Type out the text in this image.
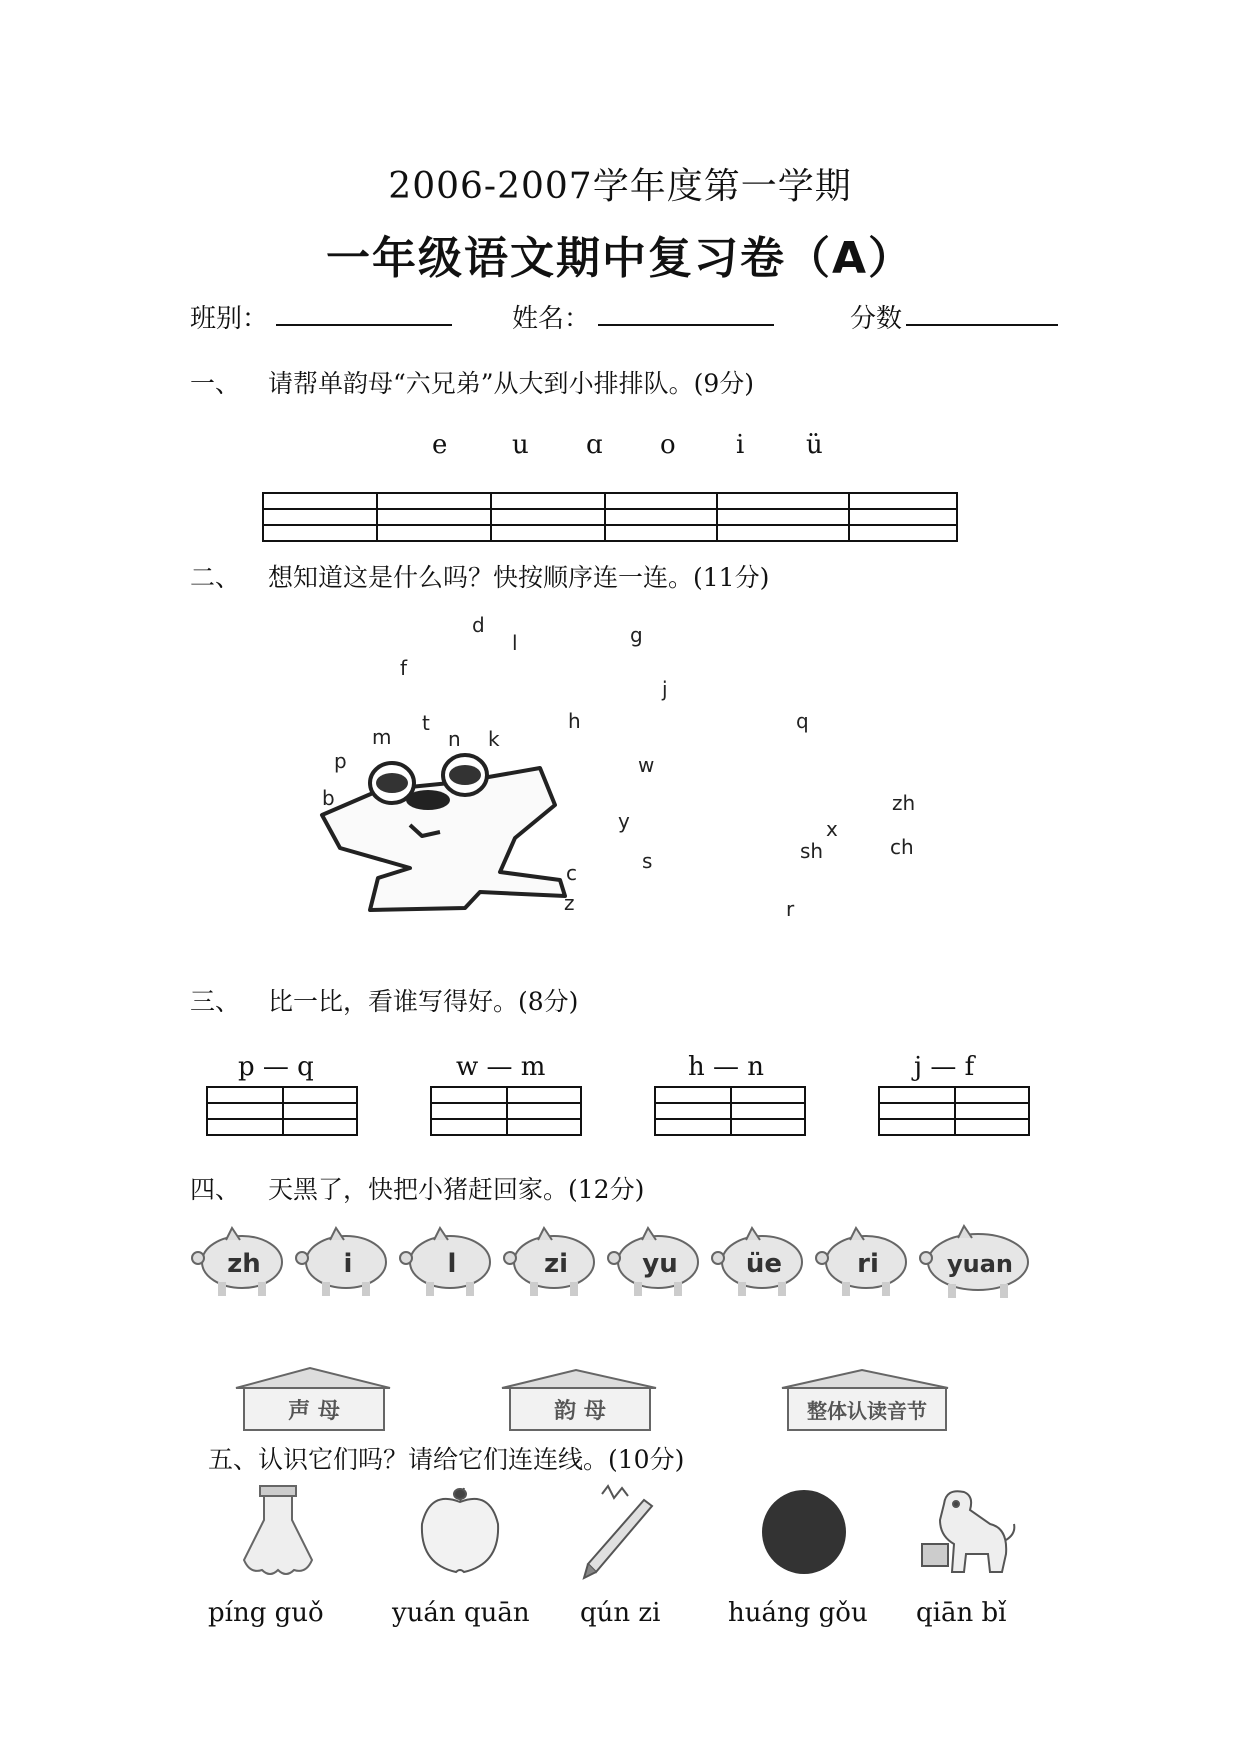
2006-2007学年度第一学期
一年级语文期中复习卷（A）
班别：	姓名：	分数
一、 请帮单韵母“六兄弟”从大到小排排队。(9分)
e u ɑ o i ü
二、 想知道这是什么吗？快按顺序连一连。(11分)
b
p
m
f
d
t
n
l	g
k
h
j
q
x
zh
ch
sh
r
z
c	s
y
w
三、 比一比，看谁写得好。(8分)
p — q	w — m	h — n	j — f
四、 天黑了，快把小猪赶回家。(12分)
zh	i	l	zi	yu	üe	ri	yuan
声 母	韵 母	整体认读音节
五、认识它们吗？请给它们连连线。(10分)
píng guǒ	yuán quān qún zi	huáng gǒu qiān bǐ
